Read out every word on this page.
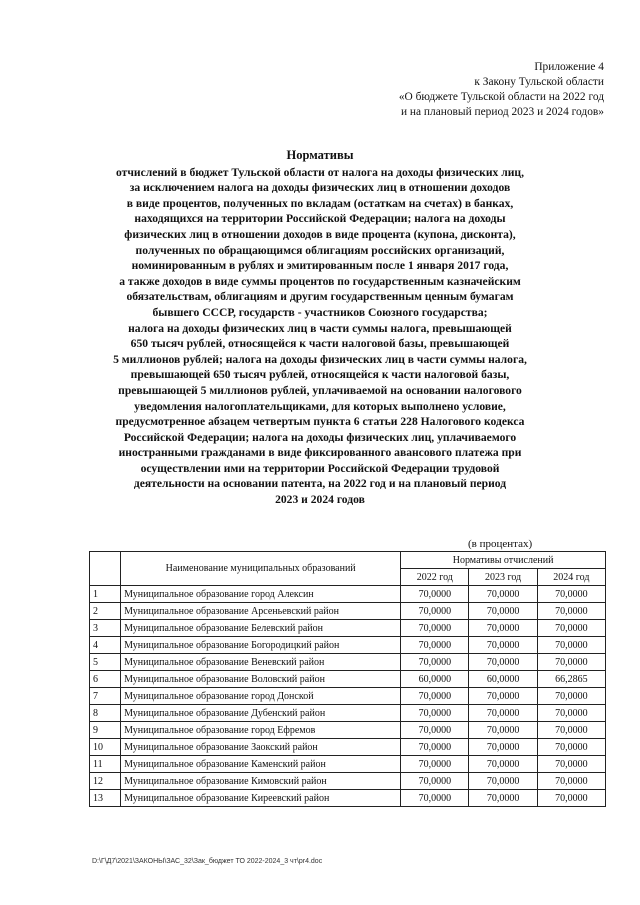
Приложение 4
к Закону Тульской области
«О бюджете Тульской области на 2022 год
и на плановый период 2023 и 2024 годов»
Нормативы
отчислений в бюджет Тульской области от налога на доходы физических лиц,
за исключением налога на доходы физических лиц в отношении доходов
в виде процентов, полученных по вкладам (остаткам на счетах) в банках,
находящихся на территории Российской Федерации; налога на доходы
физических лиц в отношении доходов в виде процента (купона, дисконта),
полученных по обращающимся облигациям российских организаций,
номинированным в рублях и эмитированным после 1 января 2017 года,
а также доходов в виде суммы процентов по государственным казначейским
обязательствам, облигациям и другим государственным ценным бумагам
бывшего СССР, государств - участников Союзного государства;
налога на доходы физических лиц в части суммы налога, превышающей
650 тысяч рублей, относящейся к части налоговой базы, превышающей
5 миллионов рублей; налога на доходы физических лиц в части суммы налога,
превышающей 650 тысяч рублей, относящейся к части налоговой базы,
превышающей 5 миллионов рублей, уплачиваемой на основании налогового
уведомления налогоплательщиками, для которых выполнено условие,
предусмотренное абзацем четвертым пункта 6 статьи 228 Налогового кодекса
Российской Федерации; налога на доходы физических лиц, уплачиваемого
иностранными гражданами в виде фиксированного авансового платежа при
осуществлении ими на территории Российской Федерации трудовой
деятельности на основании патента, на 2022 год и на плановый период
2023 и 2024 годов
(в процентах)
	Наименование муниципальных образований	Нормативы отчислений		
		2022 год	2023 год	2024 год
1	Муниципальное образование город Алексин	70,0000	70,0000	70,0000
2	Муниципальное образование Арсеньевский район	70,0000	70,0000	70,0000
3	Муниципальное образование Белевский район	70,0000	70,0000	70,0000
4	Муниципальное образование Богородицкий район	70,0000	70,0000	70,0000
5	Муниципальное образование Веневский район	70,0000	70,0000	70,0000
6	Муниципальное образование Воловский район	60,0000	60,0000	66,2865
7	Муниципальное образование город Донской	70,0000	70,0000	70,0000
8	Муниципальное образование Дубенский район	70,0000	70,0000	70,0000
9	Муниципальное образование город Ефремов	70,0000	70,0000	70,0000
10	Муниципальное образование Заокский район	70,0000	70,0000	70,0000
11	Муниципальное образование Каменский район	70,0000	70,0000	70,0000
12	Муниципальное образование Кимовский район	70,0000	70,0000	70,0000
13	Муниципальное образование Киреевский район	70,0000	70,0000	70,0000
D:\Г\Д7\2021\ЗАКОНЫ\ЗАС_32\Зак_бюджет ТО 2022-2024_3 чт\pr4.doc
